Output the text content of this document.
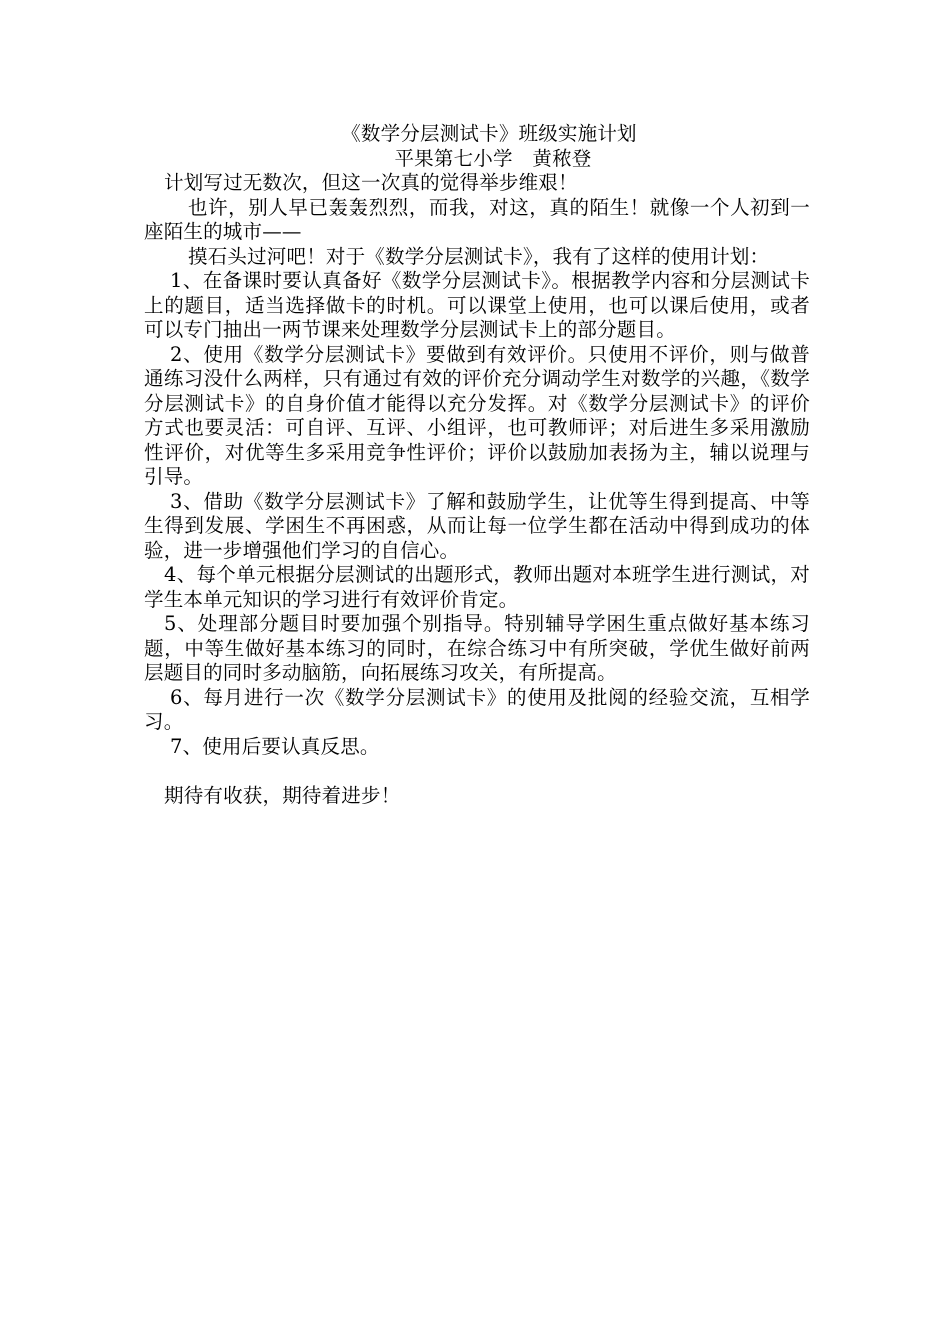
《数学分层测试卡》班级实施计划

平果第七小学　黄秾登

计划写过无数次，但这一次真的觉得举步维艰！

也许，别人早已轰轰烈烈，而我，对这，真的陌生！就像一个人初到一座陌生的城市——

摸石头过河吧！对于《数学分层测试卡》，我有了这样的使用计划：

1、在备课时要认真备好《数学分层测试卡》。根据教学内容和分层测试卡上的题目，适当选择做卡的时机。可以课堂上使用，也可以课后使用，或者可以专门抽出一两节课来处理数学分层测试卡上的部分题目。

2、使用《数学分层测试卡》要做到有效评价。只使用不评价，则与做普通练习没什么两样，只有通过有效的评价充分调动学生对数学的兴趣，《数学分层测试卡》的自身价值才能得以充分发挥。对《数学分层测试卡》的评价方式也要灵活：可自评、互评、小组评，也可教师评；对后进生多采用激励性评价，对优等生多采用竞争性评价；评价以鼓励加表扬为主，辅以说理与引导。

3、借助《数学分层测试卡》了解和鼓励学生，让优等生得到提高、中等生得到发展、学困生不再困惑，从而让每一位学生都在活动中得到成功的体验，进一步增强他们学习的自信心。

4、每个单元根据分层测试的出题形式，教师出题对本班学生进行测试，对学生本单元知识的学习进行有效评价肯定。

5、处理部分题目时要加强个别指导。特别辅导学困生重点做好基本练习题，中等生做好基本练习的同时，在综合练习中有所突破，学优生做好前两层题目的同时多动脑筋，向拓展练习攻关，有所提高。

6、每月进行一次《数学分层测试卡》的使用及批阅的经验交流，互相学习。

7、使用后要认真反思。

期待有收获，期待着进步！
